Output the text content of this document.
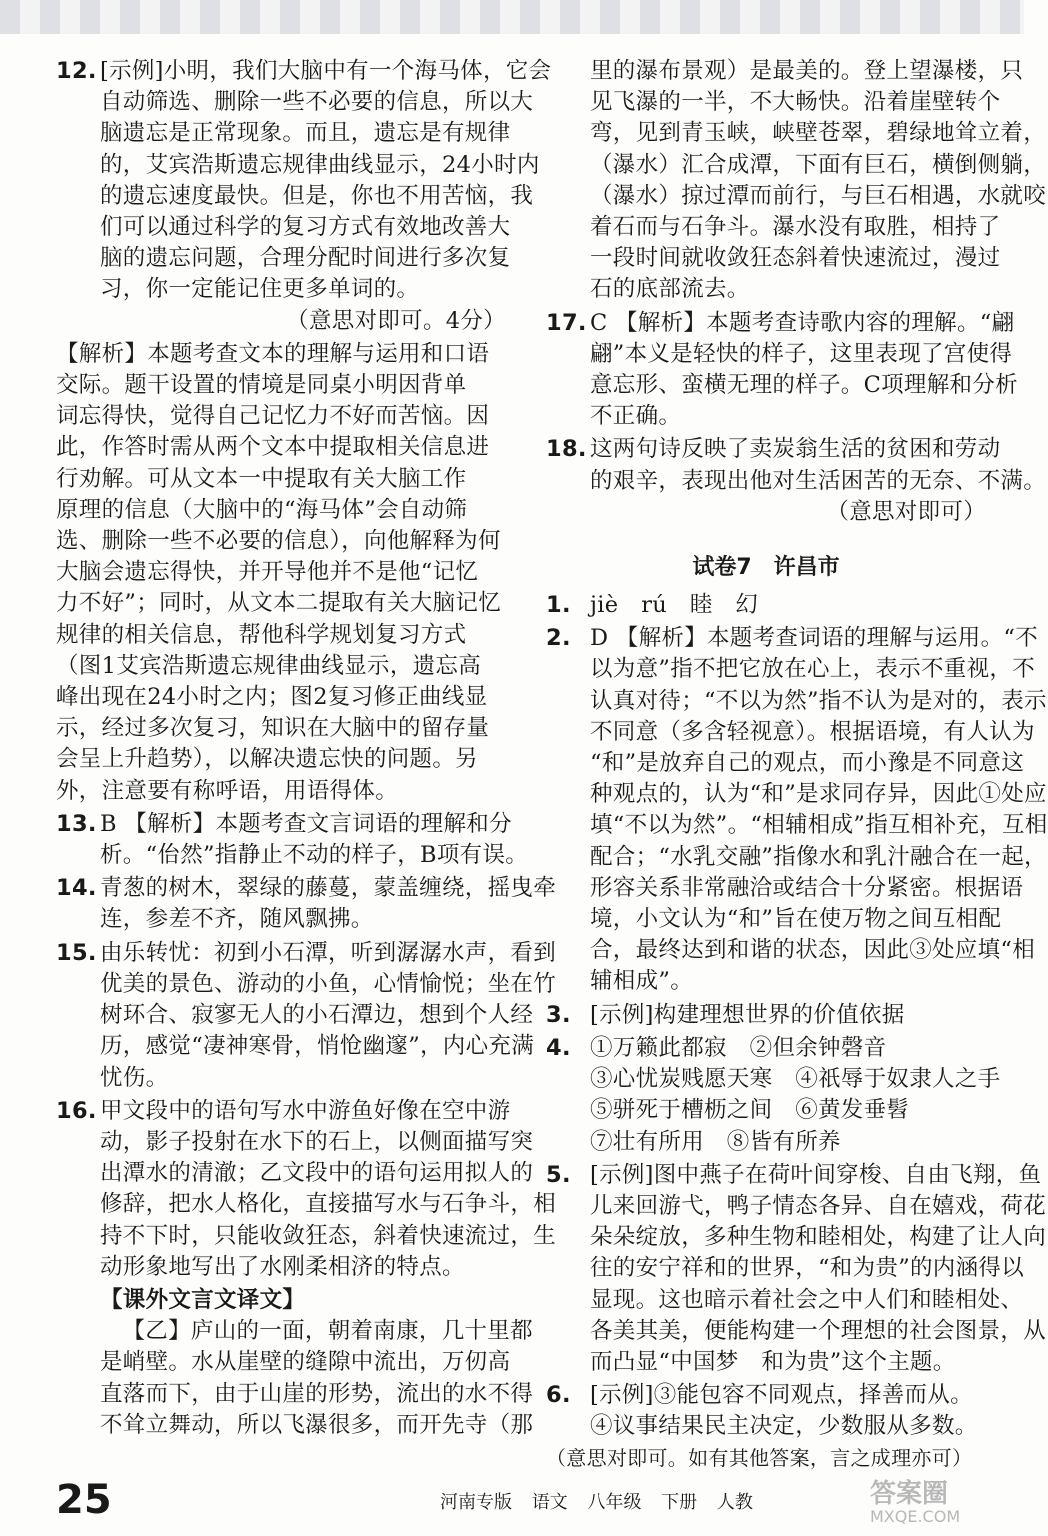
12. [示例]小明，我们大脑中有一个海马体，它会
自动筛选、删除一些不必要的信息，所以大
脑遗忘是正常现象。而且，遗忘是有规律
的，艾宾浩斯遗忘规律曲线显示，24小时内
的遗忘速度最快。但是，你也不用苦恼，我
们可以通过科学的复习方式有效地改善大
脑的遗忘问题，合理分配时间进行多次复
习，你一定能记住更多单词的。
（意思对即可。4分）
【解析】本题考查文本的理解与运用和口语
交际。题干设置的情境是同桌小明因背单
词忘得快，觉得自己记忆力不好而苦恼。因
此，作答时需从两个文本中提取相关信息进
行劝解。可从文本一中提取有关大脑工作
原理的信息（大脑中的“海马体”会自动筛
选、删除一些不必要的信息），向他解释为何
大脑会遗忘得快，并开导他并不是他“记忆
力不好”；同时，从文本二提取有关大脑记忆
规律的相关信息，帮他科学规划复习方式
（图1艾宾浩斯遗忘规律曲线显示，遗忘高
峰出现在24小时之内；图2复习修正曲线显
示，经过多次复习，知识在大脑中的留存量
会呈上升趋势），以解决遗忘快的问题。另
外，注意要有称呼语，用语得体。
13. B 【解析】本题考查文言词语的理解和分
析。“佁然”指静止不动的样子，B项有误。
14. 青葱的树木，翠绿的藤蔓，蒙盖缠绕，摇曳牵
连，参差不齐，随风飘拂。
15. 由乐转忧：初到小石潭，听到潺潺水声，看到
优美的景色、游动的小鱼，心情愉悦；坐在竹
树环合、寂寥无人的小石潭边，想到个人经
历，感觉“凄神寒骨，悄怆幽邃”，内心充满
忧伤。
16. 甲文段中的语句写水中游鱼好像在空中游
动，影子投射在水下的石上，以侧面描写突
出潭水的清澈；乙文段中的语句运用拟人的
修辞，把水人格化，直接描写水与石争斗，相
持不下时，只能收敛狂态，斜着快速流过，生
动形象地写出了水刚柔相济的特点。
【课外文言文译文】
【乙】庐山的一面，朝着南康，几十里都
是峭壁。水从崖壁的缝隙中流出，万仞高
直落而下，由于山崖的形势，流出的水不得
不耸立舞动，所以飞瀑很多，而开先寺（那
里的瀑布景观）是最美的。登上望瀑楼，只
见飞瀑的一半，不大畅快。沿着崖壁转个
弯，见到青玉峡，峡壁苍翠，碧绿地耸立着，
（瀑水）汇合成潭，下面有巨石，横倒侧躺，
（瀑水）掠过潭而前行，与巨石相遇，水就咬
着石而与石争斗。瀑水没有取胜，相持了
一段时间就收敛狂态斜着快速流过，漫过
石的底部流去。
17. C 【解析】本题考查诗歌内容的理解。“翩
翩”本义是轻快的样子，这里表现了宫使得
意忘形、蛮横无理的样子。C项理解和分析
不正确。
18. 这两句诗反映了卖炭翁生活的贫困和劳动
的艰辛，表现出他对生活困苦的无奈、不满。
（意思对即可）
试卷7　许昌市
1. jiè　rú　睦　幻
2. D 【解析】本题考查词语的理解与运用。“不
以为意”指不把它放在心上，表示不重视，不
认真对待；“不以为然”指不认为是对的，表示
不同意（多含轻视意）。根据语境，有人认为
“和”是放弃自己的观点，而小豫是不同意这
种观点的，认为“和”是求同存异，因此①处应
填“不以为然”。“相辅相成”指互相补充，互相
配合；“水乳交融”指像水和乳汁融合在一起，
形容关系非常融洽或结合十分紧密。根据语
境，小文认为“和”旨在使万物之间互相配
合，最终达到和谐的状态，因此③处应填“相
辅相成”。
3. [示例]构建理想世界的价值依据
4. ①万籁此都寂　②但余钟磬音
③心忧炭贱愿天寒　④祇辱于奴隶人之手
⑤骈死于槽枥之间　⑥黄发垂髫
⑦壮有所用　⑧皆有所养
5. [示例]图中燕子在荷叶间穿梭、自由飞翔，鱼
儿来回游弋，鸭子情态各异、自在嬉戏，荷花
朵朵绽放，多种生物和睦相处，构建了让人向
往的安宁祥和的世界，“和为贵”的内涵得以
显现。这也暗示着社会之中人们和睦相处、
各美其美，便能构建一个理想的社会图景，从
而凸显“中国梦　和为贵”这个主题。
6. [示例]③能包容不同观点，择善而从。
④议事结果民主决定，少数服从多数。
（意思对即可。如有其他答案，言之成理亦可）
25	河南专版 语文 八年级 下册 人教	答案圈
MXQE.COM
